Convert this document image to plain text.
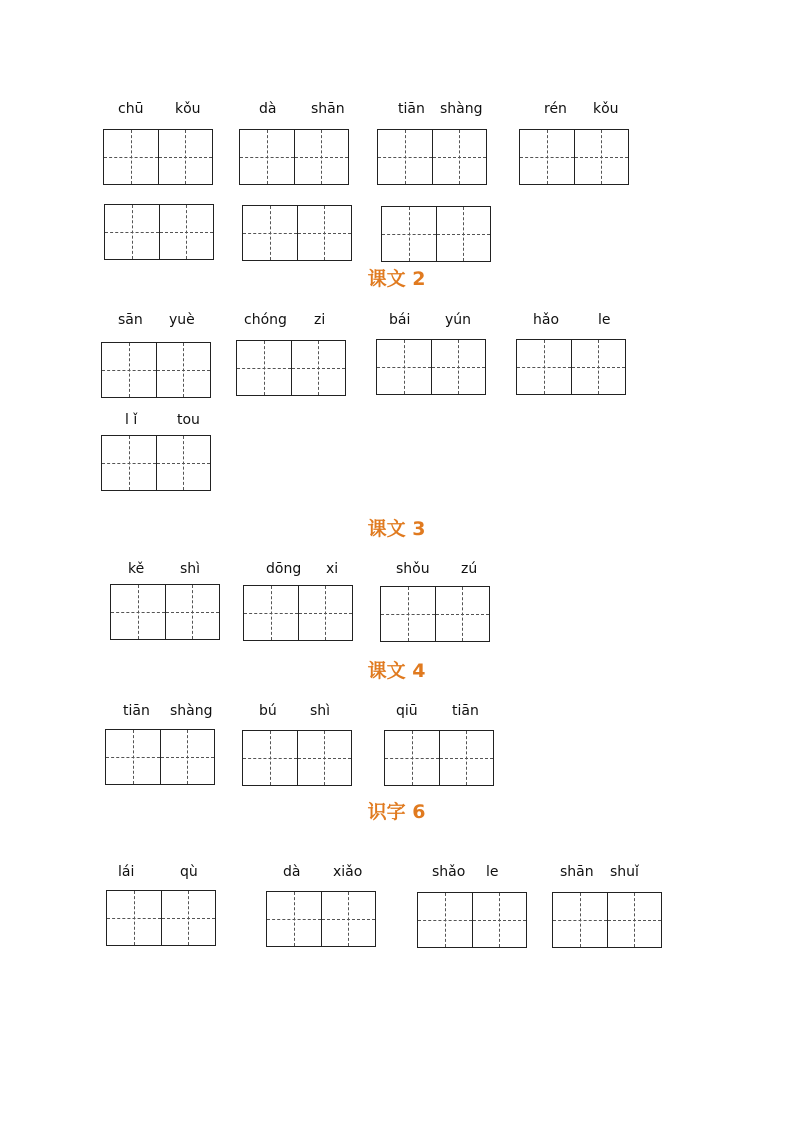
chū kǒu	dà shān	tiān shàng	rén kǒu
课文 2
sān yuè	chóng zi	bái yún	hǎo	le
l ǐ	tou
课文 3
kě	shì	dōng xi	shǒu zú
课文 4
tiān shàng	bú shì	qiū tiān
识字 6
lái	qù	dà xiǎo	shǎo le	shān shuǐ
